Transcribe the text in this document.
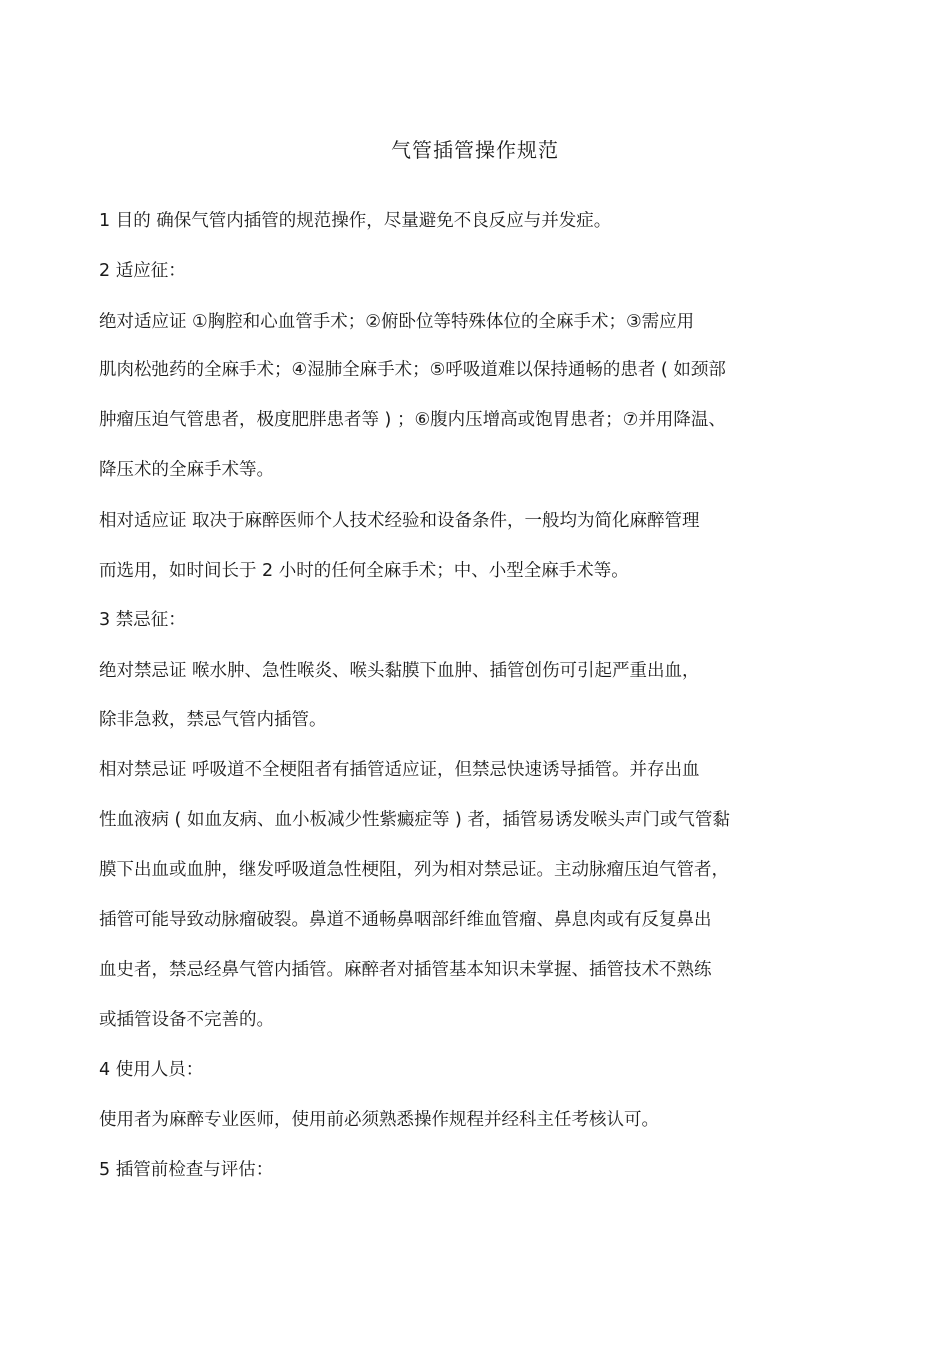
气管插管操作规范
1 目的 确保气管内插管的规范操作，尽量避免不良反应与并发症。
2 适应征：
绝对适应证 ①胸腔和心血管手术；②俯卧位等特殊体位的全麻手术；③需应用
肌肉松弛药的全麻手术；④湿肺全麻手术；⑤呼吸道难以保持通畅的患者 ( 如颈部
肿瘤压迫气管患者，极度肥胖患者等 ) ；⑥腹内压增高或饱胃患者；⑦并用降温、
降压术的全麻手术等。
相对适应证 取决于麻醉医师个人技术经验和设备条件，一般均为简化麻醉管理
而选用，如时间长于 2 小时的任何全麻手术；中、小型全麻手术等。
3 禁忌征：
绝对禁忌证 喉水肿、急性喉炎、喉头黏膜下血肿、插管创伤可引起严重出血，
除非急救，禁忌气管内插管。
相对禁忌证 呼吸道不全梗阻者有插管适应证，但禁忌快速诱导插管。并存出血
性血液病 ( 如血友病、血小板减少性紫癜症等 ) 者，插管易诱发喉头声门或气管黏
膜下出血或血肿，继发呼吸道急性梗阻，列为相对禁忌证。主动脉瘤压迫气管者，
插管可能导致动脉瘤破裂。鼻道不通畅鼻咽部纤维血管瘤、鼻息肉或有反复鼻出
血史者，禁忌经鼻气管内插管。麻醉者对插管基本知识未掌握、插管技术不熟练
或插管设备不完善的。
4 使用人员：
使用者为麻醉专业医师，使用前必须熟悉操作规程并经科主任考核认可。
5 插管前检查与评估：
